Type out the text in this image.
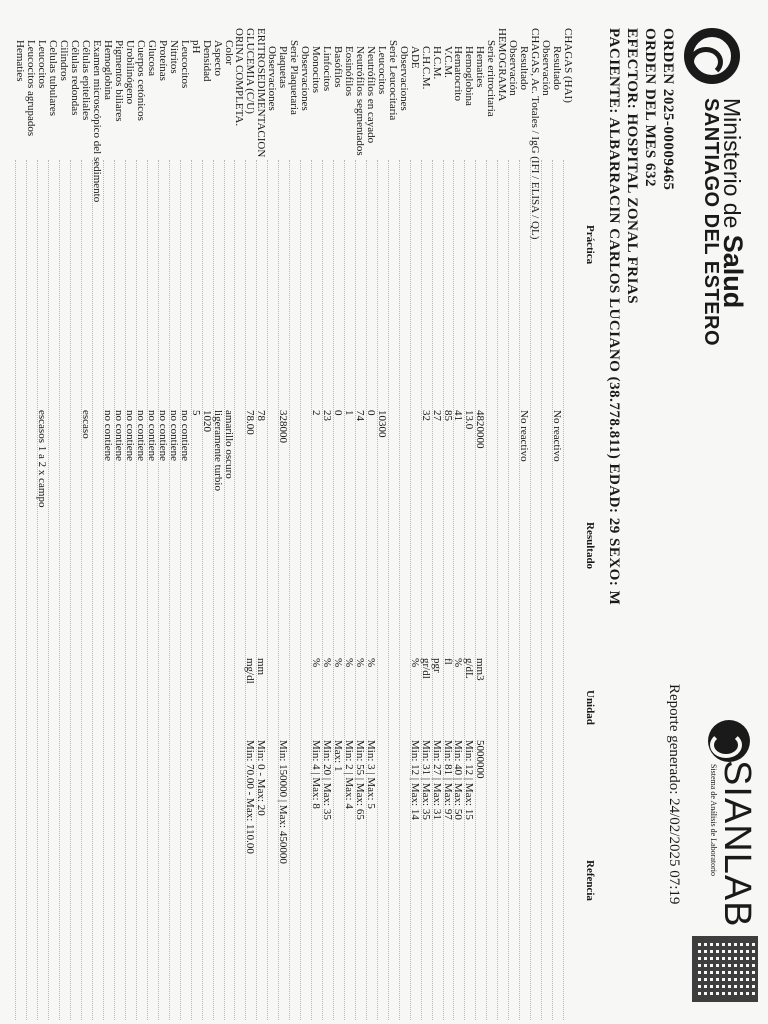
Ministerio de Salud
SANTIAGO DEL ESTERO
ORDEN 2025-00009465
ORDEN DEL MES 632
EFECTOR: HOSPITAL ZONAL FRIAS
PACIENTE: ALBARRACIN CARLOS LUCIANO (38.778.811) EDAD: 29 SEXO: M
Reporte generado: 24/02/2025 07:19 SIANLAB
Sistema de Análisis de Laboratorio
Práctica
Resultado
Unidad
Refencia
CHAGAS (HAI)
Resultado
No reactivo
Observación
CHAGAS, Ac. Totales / IgG (IFI / ELISA / QL)
Resultado
No reactivo
Observación
HEMOGRAMA
Serie eritrocitaria
Hematies
4820000
mm3
5000000
Hemoglobina
13.0
g/dL
Min: 12 | Max: 15
Hematocrito
41
%
Min: 40 | Max: 50
V.C.M.
85
fl
Min: 81 | Max: 97
H.C.M.
27
pgr
Min: 27 | Max: 31
C.H.C.M.
32
gr/dl
Min: 31 | Max: 35
ADE
%
Min: 12 | Max: 14
Observaciones
Serie Leucocitaria
Leucocitos
10300
Neutrófilos en cayado
0
%
Min: 3 | Max: 5
Neutrófilos segmentados
74
%
Min: 55 | Max: 65
Eosinófilos
1
%
Min: 2 | Max: 4
Basófilos
0
%
Max: 1
Linfocitos
23
%
Min: 20 | Max: 35
Monocitos
2
%
Min: 4 | Max: 8
Observaciones
Serie Plaquetaria
Plaquetas
328000
Min: 150000 | Max: 450000
Observaciones
ERITROSEDIMENTACION
78
mm
Min: 0 - Max: 20
GLUCEMIA (C/U)
78.00
mg/dl
Min: 70.00 - Max: 110.00
ORINA COMPLETA.
Color
amarillo oscuro
Aspecto
ligeramente turbio
Densidad
1020
pH
5
Leucocitos
no contiene
Nitritos
no contiene
Proteínas
no contiene
Glucosa
no contiene
Cuerpos cetónicos
no contiene
Urobilinógeno
no contiene
Pigmentos biliares
no contiene
Hemoglobina
no contiene
Examen microscópico del sedimento
Células epiteliales
escaso
Células redondas
Cilindros
Celulas tubulares
Leucocitos
escasos 1 a 2 x campo
Leucocitos agrupados
Hematies
